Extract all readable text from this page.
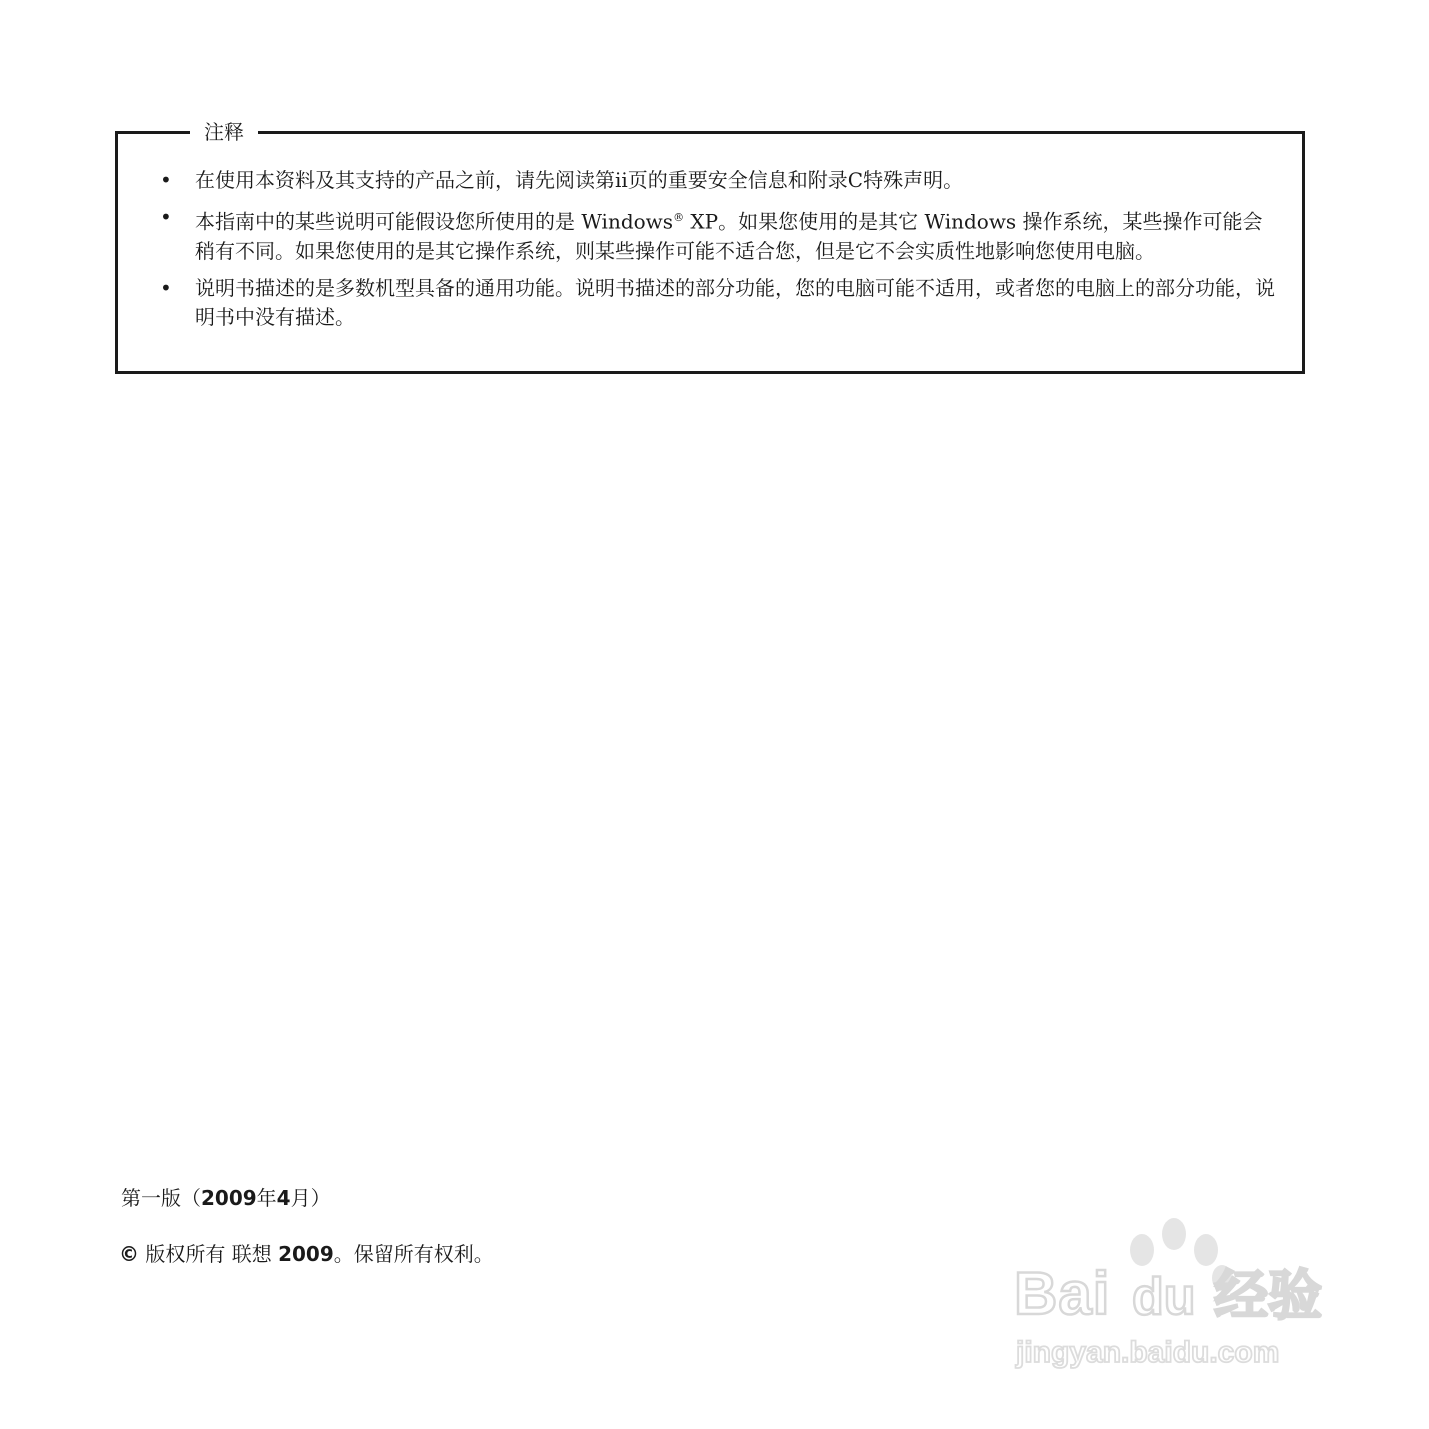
注释
• 在使用本资料及其支持的产品之前，请先阅读第ii页的重要安全信息和附录C特殊声明。
• 本指南中的某些说明可能假设您所使用的是 Windows® XP。如果您使用的是其它 Windows 操作系统，某些操作可能会稍有不同。如果您使用的是其它操作系统，则某些操作可能不适合您，但是它不会实质性地影响您使用电脑。
• 说明书描述的是多数机型具备的通用功能。说明书描述的部分功能，您的电脑可能不适用，或者您的电脑上的部分功能，说明书中没有描述。
第一版（2009年4月）
© 版权所有 联想 2009。保留所有权利。
Bai du 经验
jingyan.baidu.com
